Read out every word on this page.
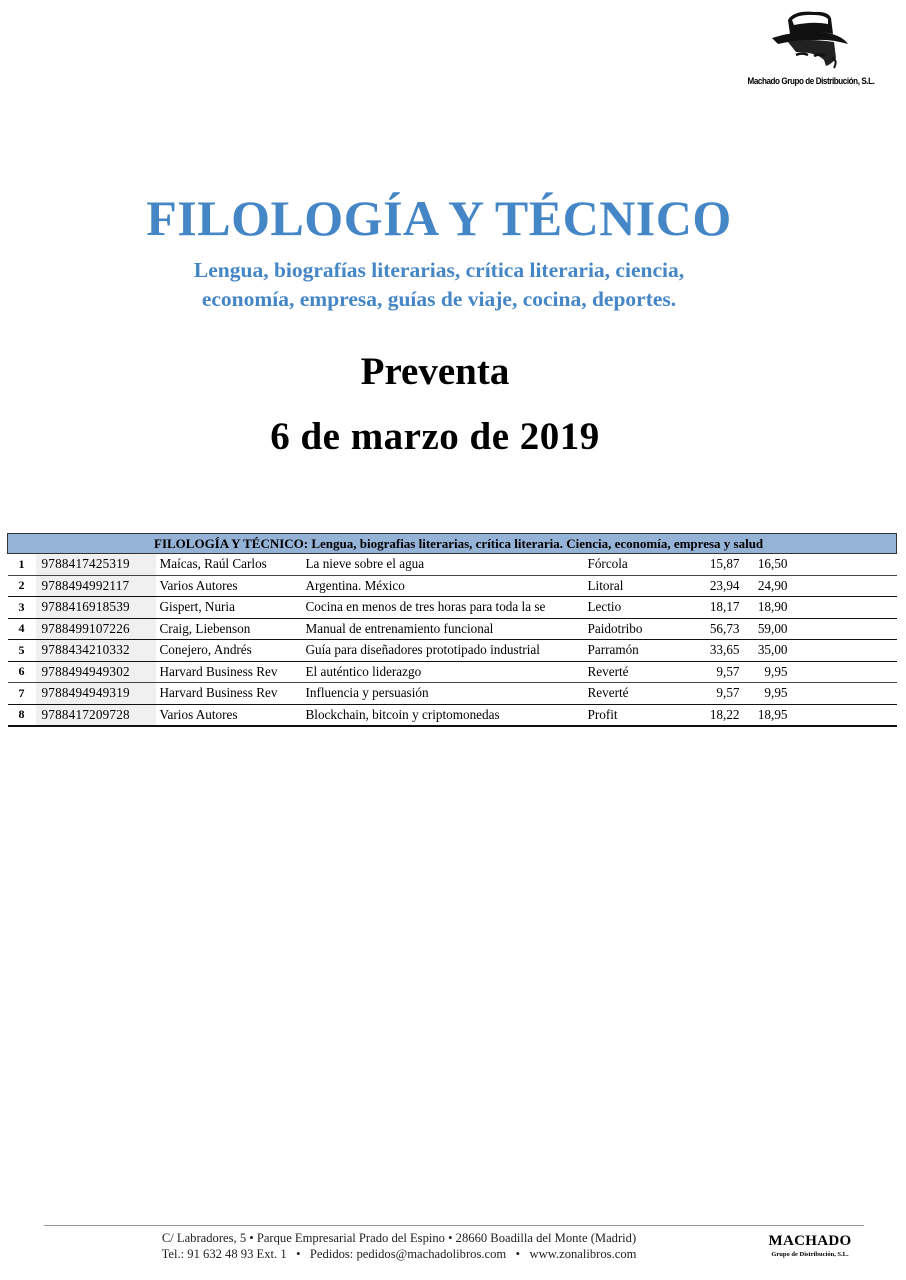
Machado Grupo de Distribución, S.L.
FILOLOGÍA Y TÉCNICO
Lengua, biografías literarias, crítica literaria, ciencia,
economía, empresa, guías de viaje, cocina, deportes.
Preventa
6 de marzo de 2019
FILOLOGÍA Y TÉCNICO: Lengua, biografias literarias, crítica literaria. Ciencia, economía, empresa y salud							
1	9788417425319	Maícas, Raúl Carlos	La nieve sobre el agua	Fórcola	15,87	16,50	
2	9788494992117	Varios Autores	Argentina. México	Litoral	23,94	24,90	
3	9788416918539	Gispert, Nuria	Cocina en menos de tres horas para toda la se	Lectio	18,17	18,90	
4	9788499107226	Craig, Liebenson	Manual de entrenamiento funcional	Paidotribo	56,73	59,00	
5	9788434210332	Conejero, Andrés	Guía para diseñadores prototipado industrial	Parramón	33,65	35,00	
6	9788494949302	Harvard Business Rev	El auténtico liderazgo	Reverté	9,57	9,95	
7	9788494949319	Harvard Business Rev	Influencia y persuasión	Reverté	9,57	9,95	
8	9788417209728	Varios Autores	Blockchain, bitcoin y criptomonedas	Profit	18,22	18,95	
C/ Labradores, 5 • Parque Empresarial Prado del Espino • 28660 Boadilla del Monte (Madrid)
Tel.: 91 632 48 93 Ext. 1   •   Pedidos: pedidos@machadolibros.com   •   www.zonalibros.com
MACHADO
Grupo de Distribución, S.L.
